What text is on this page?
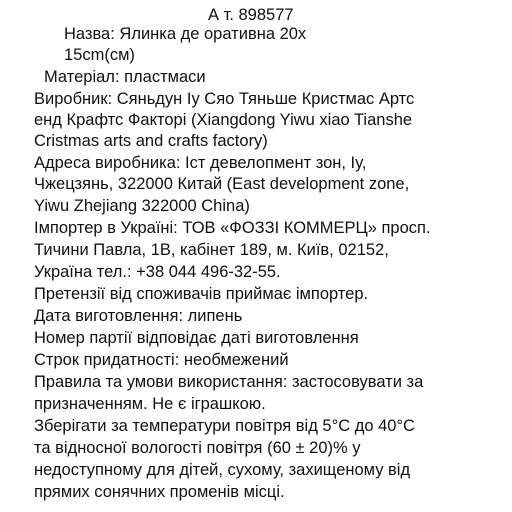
А т. 898577

Назва: Ялинка де оративна 20х

15cm(см)

Матеріал: пластмаси

Виробник: Сяньдун Іу Сяо Тяньше Кристмас Артс

енд Крафтс Факторі (Xiangdong Yiwu xiao Tianshe

Cristmas arts and crafts factory)

Адреса виробника: Іст девелопмент зон, Іу,

Чжецзянь, 322000 Китай (East development zone,

Yiwu Zhejiang 322000 China)

Імпортер в Україні: ТОВ «ФОЗЗІ КОММЕРЦ» просп.

Тичини Павла, 1В, кабінет 189, м. Київ, 02152,

Україна тел.: +38 044 496-32-55.

Претензії від споживачів приймає імпортер.

Дата виготовлення: липень

Номер партії відповідає даті виготовлення

Строк придатності: необмежений

Правила та умови використання: застосовувати за

призначенням. Не є іграшкою.

Зберігати за температури повітря від 5°С до 40°С

та відносної вологості повітря (60 ± 20)% у

недоступному для дітей, сухому, захищеному від

прямих сонячних променів місці.
